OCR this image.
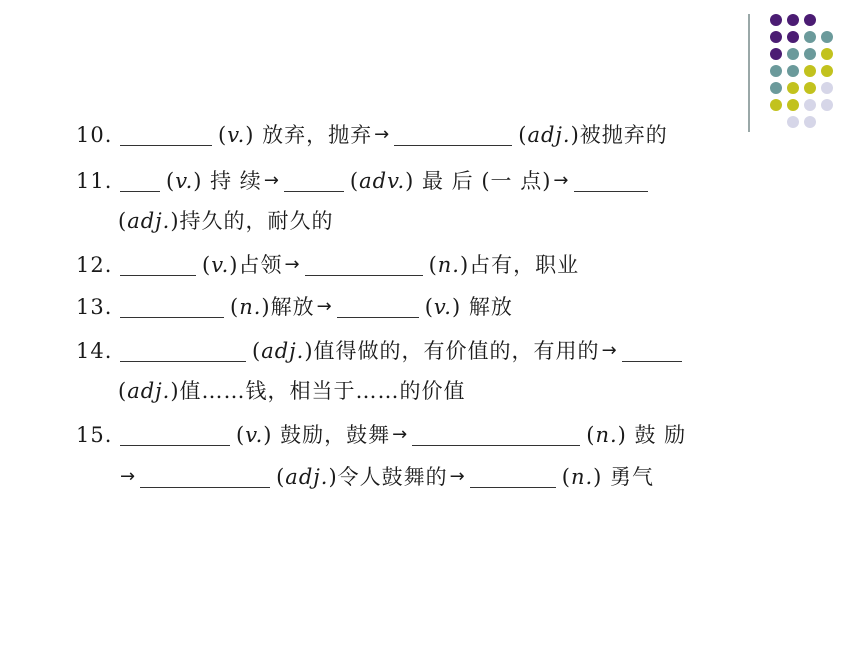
10.	( v. ) 放弃，抛弃 →	( adj. )被抛弃的
11.	( v. ) 持 续 →	( adv. ) 最 后 (一 点) →
( adj. )持久的，耐久的
12.	( v. )占领 →	( n. )占有，职业
13.	( n. )解放 →	( v. ) 解放
14.	( adj. )值得做的，有价值的，有用的 →
( adj. )值……钱，相当于……的价值
15.	( v. ) 鼓励，鼓舞 →	( n. ) 鼓 励
→	( adj. )令人鼓舞的 →	( n. ) 勇气
